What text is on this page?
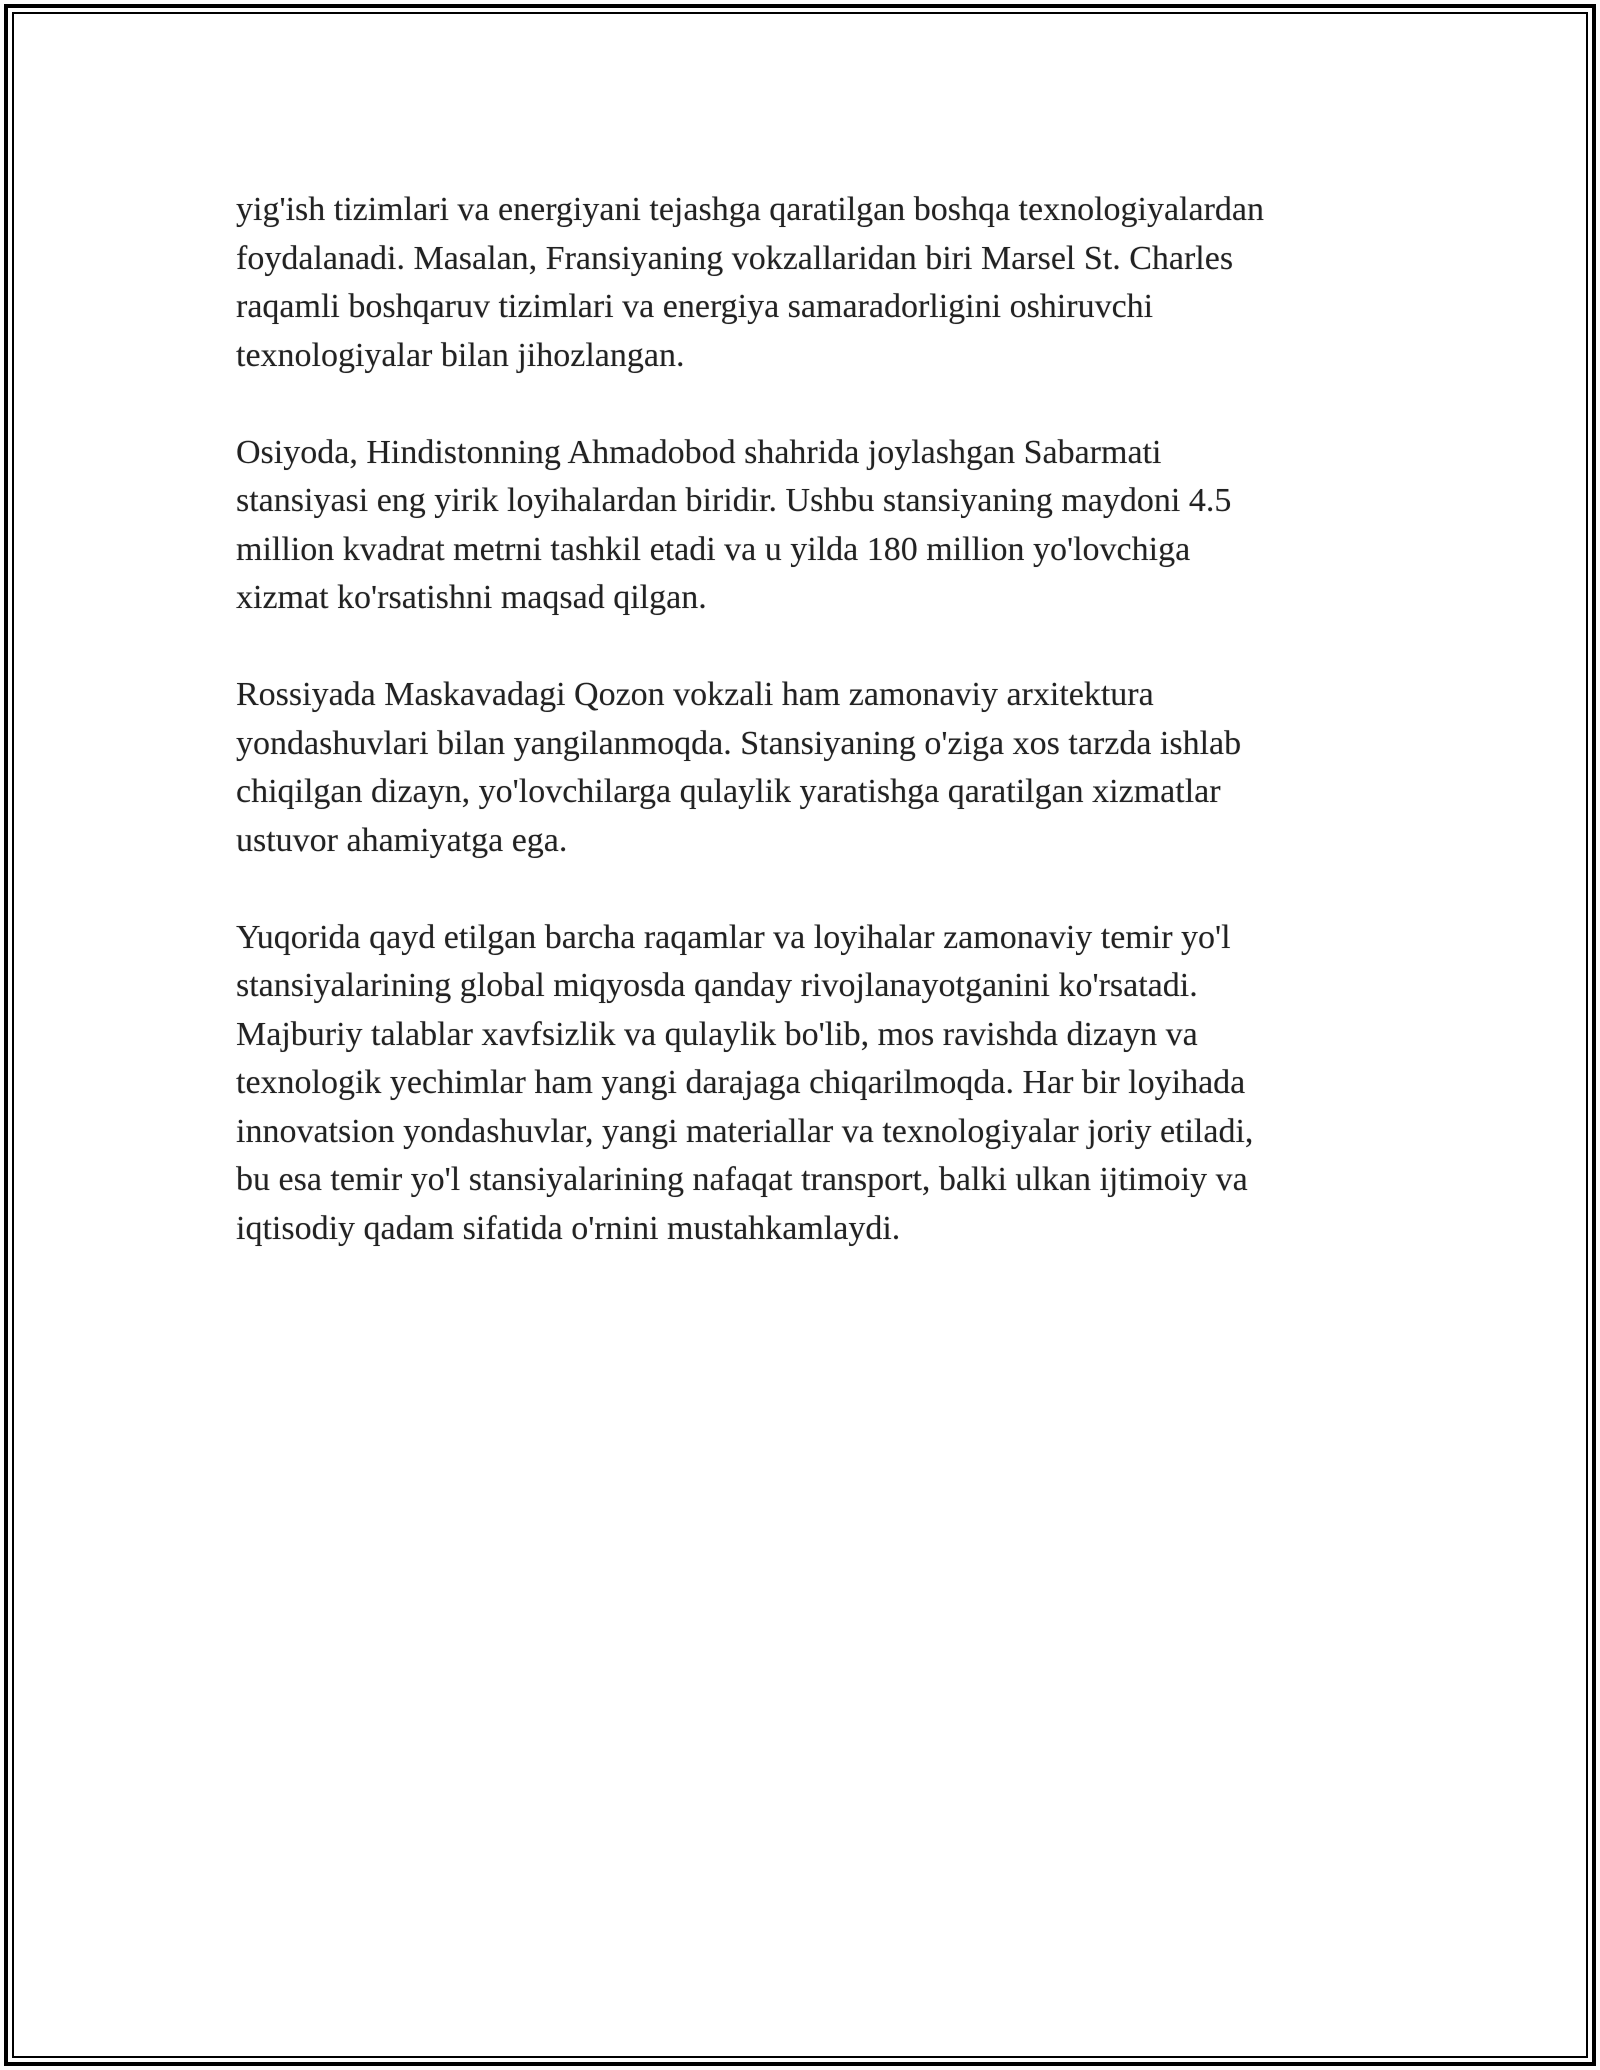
yig'ish tizimlari va energiyani tejashga qaratilgan boshqa texnologiyalardan
foydalanadi. Masalan, Fransiyaning vokzallaridan biri Marsel St. Charles
raqamli boshqaruv tizimlari va energiya samaradorligini oshiruvchi
texnologiyalar bilan jihozlangan.

Osiyoda, Hindistonning Ahmadobod shahrida joylashgan Sabarmati
stansiyasi eng yirik loyihalardan biridir. Ushbu stansiyaning maydoni 4.5
million kvadrat metrni tashkil etadi va u yilda 180 million yo'lovchiga
xizmat ko'rsatishni maqsad qilgan.

Rossiyada Maskavadagi Qozon vokzali ham zamonaviy arxitektura
yondashuvlari bilan yangilanmoqda. Stansiyaning o'ziga xos tarzda ishlab
chiqilgan dizayn, yo'lovchilarga qulaylik yaratishga qaratilgan xizmatlar
ustuvor ahamiyatga ega.

Yuqorida qayd etilgan barcha raqamlar va loyihalar zamonaviy temir yo'l
stansiyalarining global miqyosda qanday rivojlanayotganini ko'rsatadi.
Majburiy talablar xavfsizlik va qulaylik bo'lib, mos ravishda dizayn va
texnologik yechimlar ham yangi darajaga chiqarilmoqda. Har bir loyihada
innovatsion yondashuvlar, yangi materiallar va texnologiyalar joriy etiladi,
bu esa temir yo'l stansiyalarining nafaqat transport, balki ulkan ijtimoiy va
iqtisodiy qadam sifatida o'rnini mustahkamlaydi.
